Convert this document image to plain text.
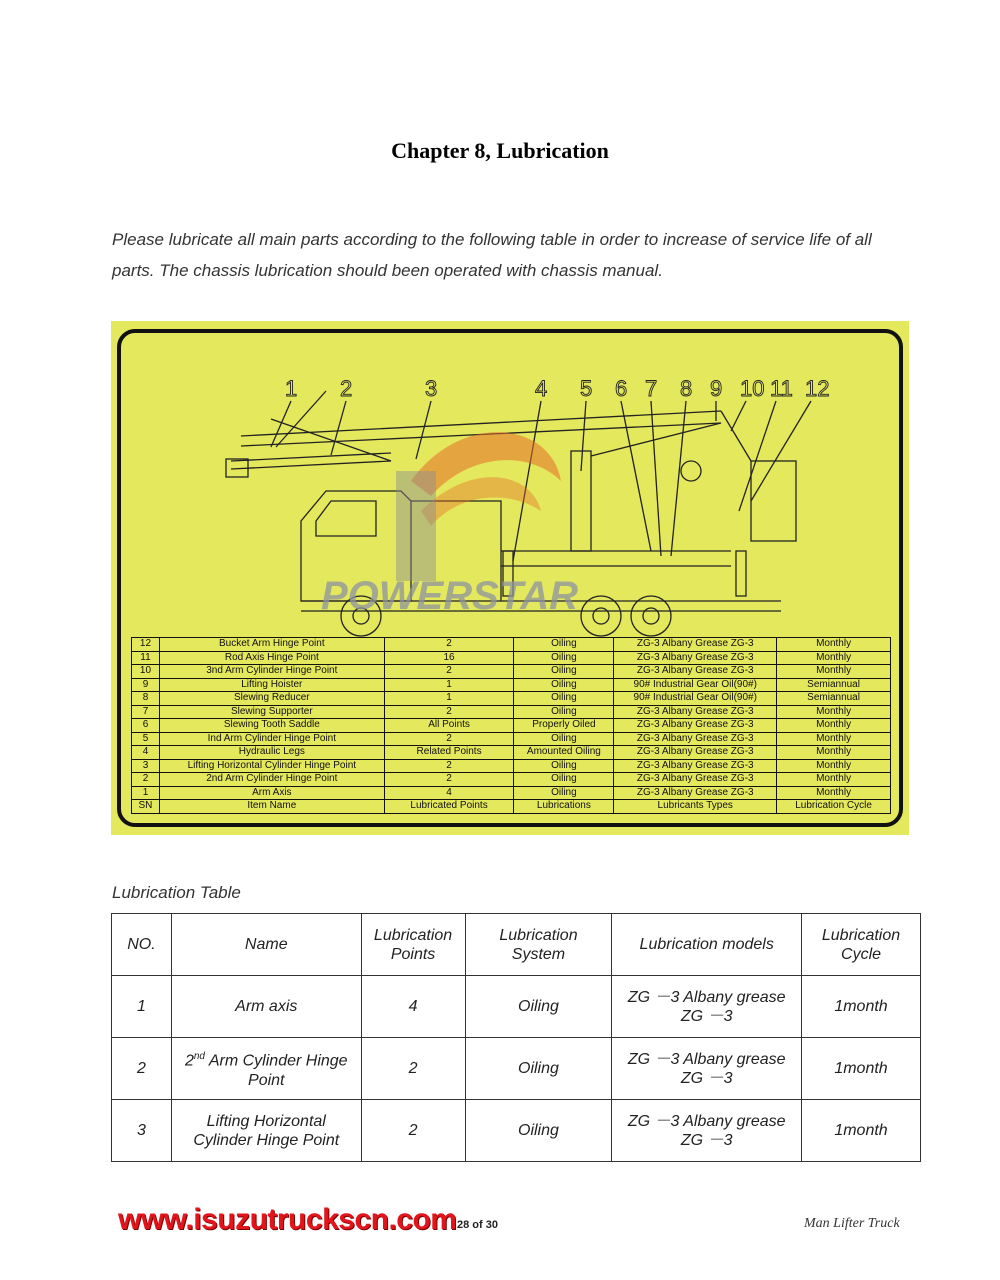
Chapter 8, Lubrication
Please lubricate all main parts according to the following table in order to increase of service life of all parts. The chassis lubrication should been operated with chassis manual.
1 2	3	4 5 6 7 8 9 10 11 12
POWERSTAR
12	Bucket Arm Hinge Point	2	Oiling	ZG-3 Albany Grease ZG-3	Monthly
11	Rod Axis Hinge Point	16	Oiling	ZG-3 Albany Grease ZG-3	Monthly
10	3nd Arm Cylinder Hinge Point	2	Oiling	ZG-3 Albany Grease ZG-3	Monthly
9	Lifting Hoister	1	Oiling	90# Industrial Gear Oil(90#)	Semiannual
8	Slewing Reducer	1	Oiling	90# Industrial Gear Oil(90#)	Semiannual
7	Slewing Supporter	2	Oiling	ZG-3 Albany Grease ZG-3	Monthly
6	Slewing Tooth Saddle	All Points	Properly Oiled	ZG-3 Albany Grease ZG-3	Monthly
5	Ind Arm Cylinder Hinge Point	2	Oiling	ZG-3 Albany Grease ZG-3	Monthly
4	Hydraulic Legs	Related Points	Amounted Oiling	ZG-3 Albany Grease ZG-3	Monthly
3	Lifting Horizontal Cylinder Hinge Point	2	Oiling	ZG-3 Albany Grease ZG-3	Monthly
2	2nd Arm Cylinder Hinge Point	2	Oiling	ZG-3 Albany Grease ZG-3	Monthly
1	Arm Axis	4	Oiling	ZG-3 Albany Grease ZG-3	Monthly
SN	Item Name	Lubricated Points	Lubrications	Lubricants Types	Lubrication Cycle
Lubrication Table
NO.	Name	Lubrication Points	Lubrication System	Lubrication models	Lubrication Cycle
1	Arm axis	4	Oiling	ZG －3 Albany grease ZG －3	1month
2	2nd Arm Cylinder Hinge Point	2	Oiling	ZG －3 Albany grease ZG －3	1month
3	Lifting Horizontal Cylinder Hinge Point	2	Oiling	ZG －3 Albany grease ZG －3	1month
www.isuzutruckscn.com 28 of 30	Man Lifter Truck
